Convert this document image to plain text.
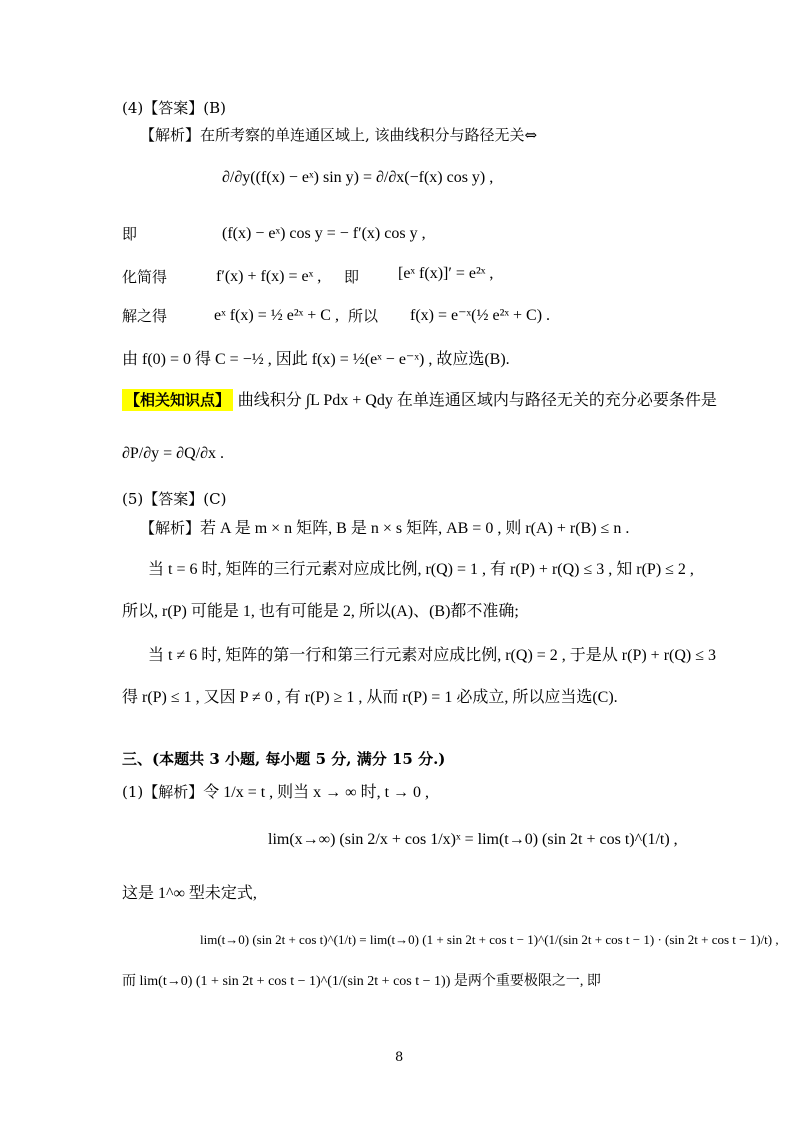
(4)【答案】(B)
【解析】在所考察的单连通区域上, 该曲线积分与路径无关⇔
∂/∂y((f(x) − eˣ) sin y) = ∂/∂x(−f(x) cos y) ,
即	(f(x) − eˣ) cos y = − f′(x) cos y ,
化简得	f′(x) + f(x) = eˣ , 即 [eˣ f(x)]′ = e²ˣ ,
解之得	eˣ f(x) = ½ e²ˣ + C , 所以 f(x) = e⁻ˣ(½ e²ˣ + C) .
由 f(0) = 0 得 C = −½ , 因此 f(x) = ½(eˣ − e⁻ˣ) , 故应选(B).
【相关知识点】 曲线积分 ∫L Pdx + Qdy 在单连通区域内与路径无关的充分必要条件是
∂P/∂y = ∂Q/∂x .
(5)【答案】(C)
【解析】若 A 是 m × n 矩阵, B 是 n × s 矩阵, AB = 0 , 则 r(A) + r(B) ≤ n .
当 t = 6 时, 矩阵的三行元素对应成比例, r(Q) = 1 , 有 r(P) + r(Q) ≤ 3 , 知 r(P) ≤ 2 ,
所以, r(P) 可能是 1, 也有可能是 2, 所以(A)、(B)都不准确;
当 t ≠ 6 时, 矩阵的第一行和第三行元素对应成比例, r(Q) = 2 , 于是从 r(P) + r(Q) ≤ 3
得 r(P) ≤ 1 , 又因 P ≠ 0 , 有 r(P) ≥ 1 , 从而 r(P) = 1 必成立, 所以应当选(C).
三、(本题共 3 小题, 每小题 5 分, 满分 15 分.)
(1)【解析】令 1/x = t , 则当 x → ∞ 时, t → 0 ,
lim(x→∞) (sin 2/x + cos 1/x)ˣ = lim(t→0) (sin 2t + cos t)^(1/t) ,
这是 1^∞ 型未定式,
lim(t→0) (sin 2t + cos t)^(1/t) = lim(t→0) (1 + sin 2t + cos t − 1)^(1/(sin 2t + cos t − 1) · (sin 2t + cos t − 1)/t) ,
而 lim(t→0) (1 + sin 2t + cos t − 1)^(1/(sin 2t + cos t − 1)) 是两个重要极限之一, 即
8
